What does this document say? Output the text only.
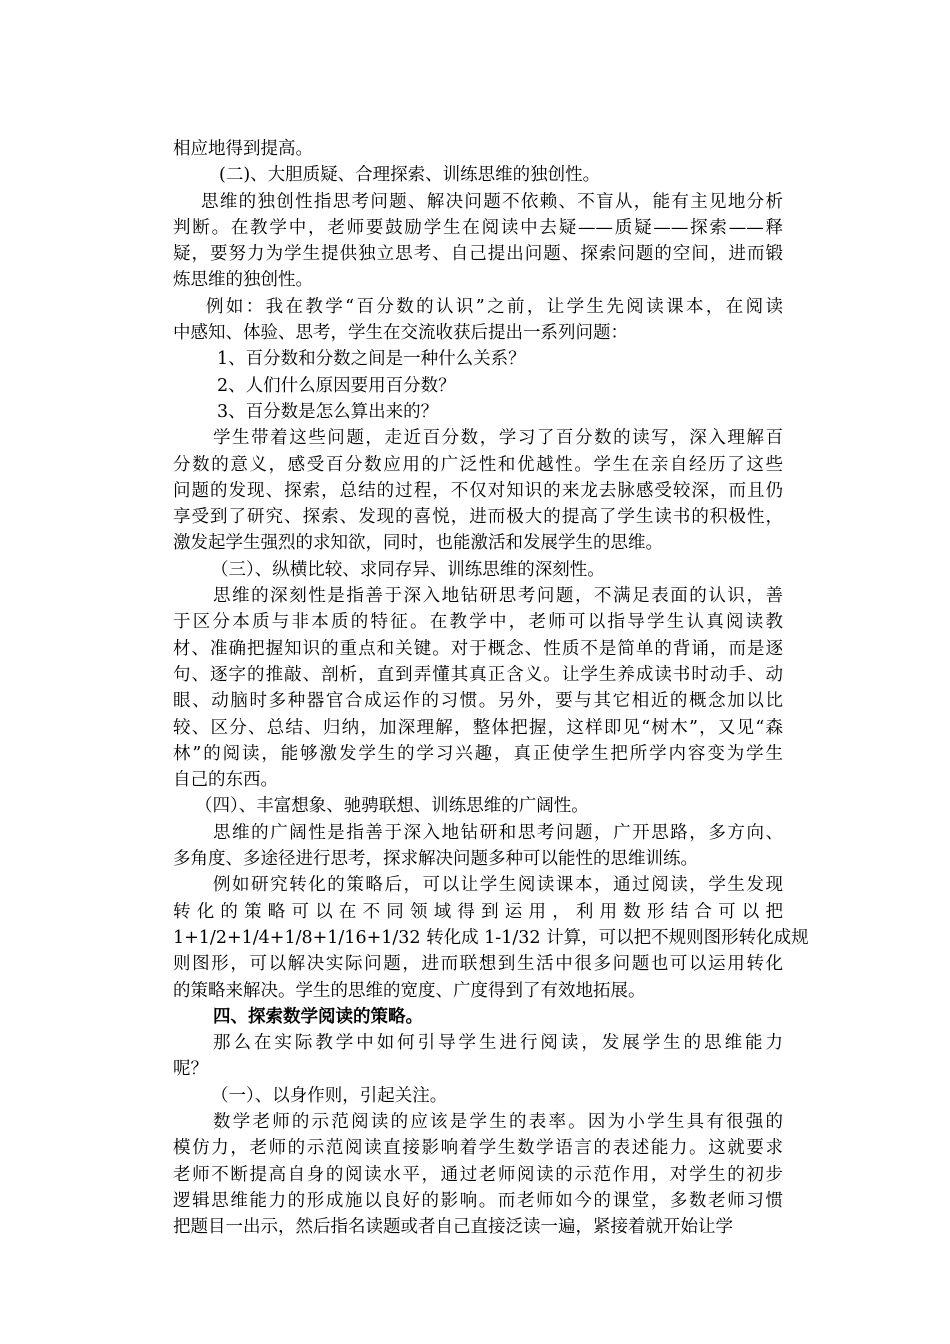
相应地得到提高。
(二)、大胆质疑、合理探索、训练思维的独创性。
思维的独创性指思考问题、解决问题不依赖、不盲从，能有主见地分析
判断。在教学中，老师要鼓励学生在阅读中去疑——质疑——探索——释
疑，要努力为学生提供独立思考、自己提出问题、探索问题的空间，进而锻
炼思维的独创性。
例如：我在教学“百分数的认识”之前，让学生先阅读课本，在阅读
中感知、体验、思考，学生在交流收获后提出一系列问题：
1、百分数和分数之间是一种什么关系？
2、人们什么原因要用百分数？
3、百分数是怎么算出来的？
学生带着这些问题，走近百分数，学习了百分数的读写，深入理解百
分数的意义，感受百分数应用的广泛性和优越性。学生在亲自经历了这些
问题的发现、探索，总结的过程，不仅对知识的来龙去脉感受较深，而且仍
享受到了研究、探索、发现的喜悦，进而极大的提高了学生读书的积极性，
激发起学生强烈的求知欲，同时，也能激活和发展学生的思维。
（三）、纵横比较、求同存异、训练思维的深刻性。
思维的深刻性是指善于深入地钻研思考问题，不满足表面的认识，善
于区分本质与非本质的特征。在教学中，老师可以指导学生认真阅读教
材、准确把握知识的重点和关键。对于概念、性质不是简单的背诵，而是逐
句、逐字的推敲、剖析，直到弄懂其真正含义。让学生养成读书时动手、动
眼、动脑时多种器官合成运作的习惯。另外，要与其它相近的概念加以比
较、区分、总结、归纳，加深理解，整体把握，这样即见“树木”，又见“森
林”的阅读，能够激发学生的学习兴趣，真正使学生把所学内容变为学生
自己的东西。
（四）、丰富想象、驰骋联想、训练思维的广阔性。
思维的广阔性是指善于深入地钻研和思考问题，广开思路，多方向、
多角度、多途径进行思考，探求解决问题多种可以能性的思维训练。
例如研究转化的策略后，可以让学生阅读课本，通过阅读，学生发现
转化的策略可以在不同领域得到运用，利用数形结合可以把
1+1/2+1/4+1/8+1/16+1/32 转化成 1-1/32 计算，可以把不规则图形转化成规
则图形，可以解决实际问题，进而联想到生活中很多问题也可以运用转化
的策略来解决。学生的思维的宽度、广度得到了有效地拓展。
四、探索数学阅读的策略。
那么在实际教学中如何引导学生进行阅读，发展学生的思维能力
呢？
（一）、以身作则，引起关注。
数学老师的示范阅读的应该是学生的表率。因为小学生具有很强的
模仿力，老师的示范阅读直接影响着学生数学语言的表述能力。这就要求
老师不断提高自身的阅读水平，通过老师阅读的示范作用，对学生的初步
逻辑思维能力的形成施以良好的影响。而老师如今的课堂，多数老师习惯
把题目一出示，然后指名读题或者自己直接泛读一遍，紧接着就开始让学
